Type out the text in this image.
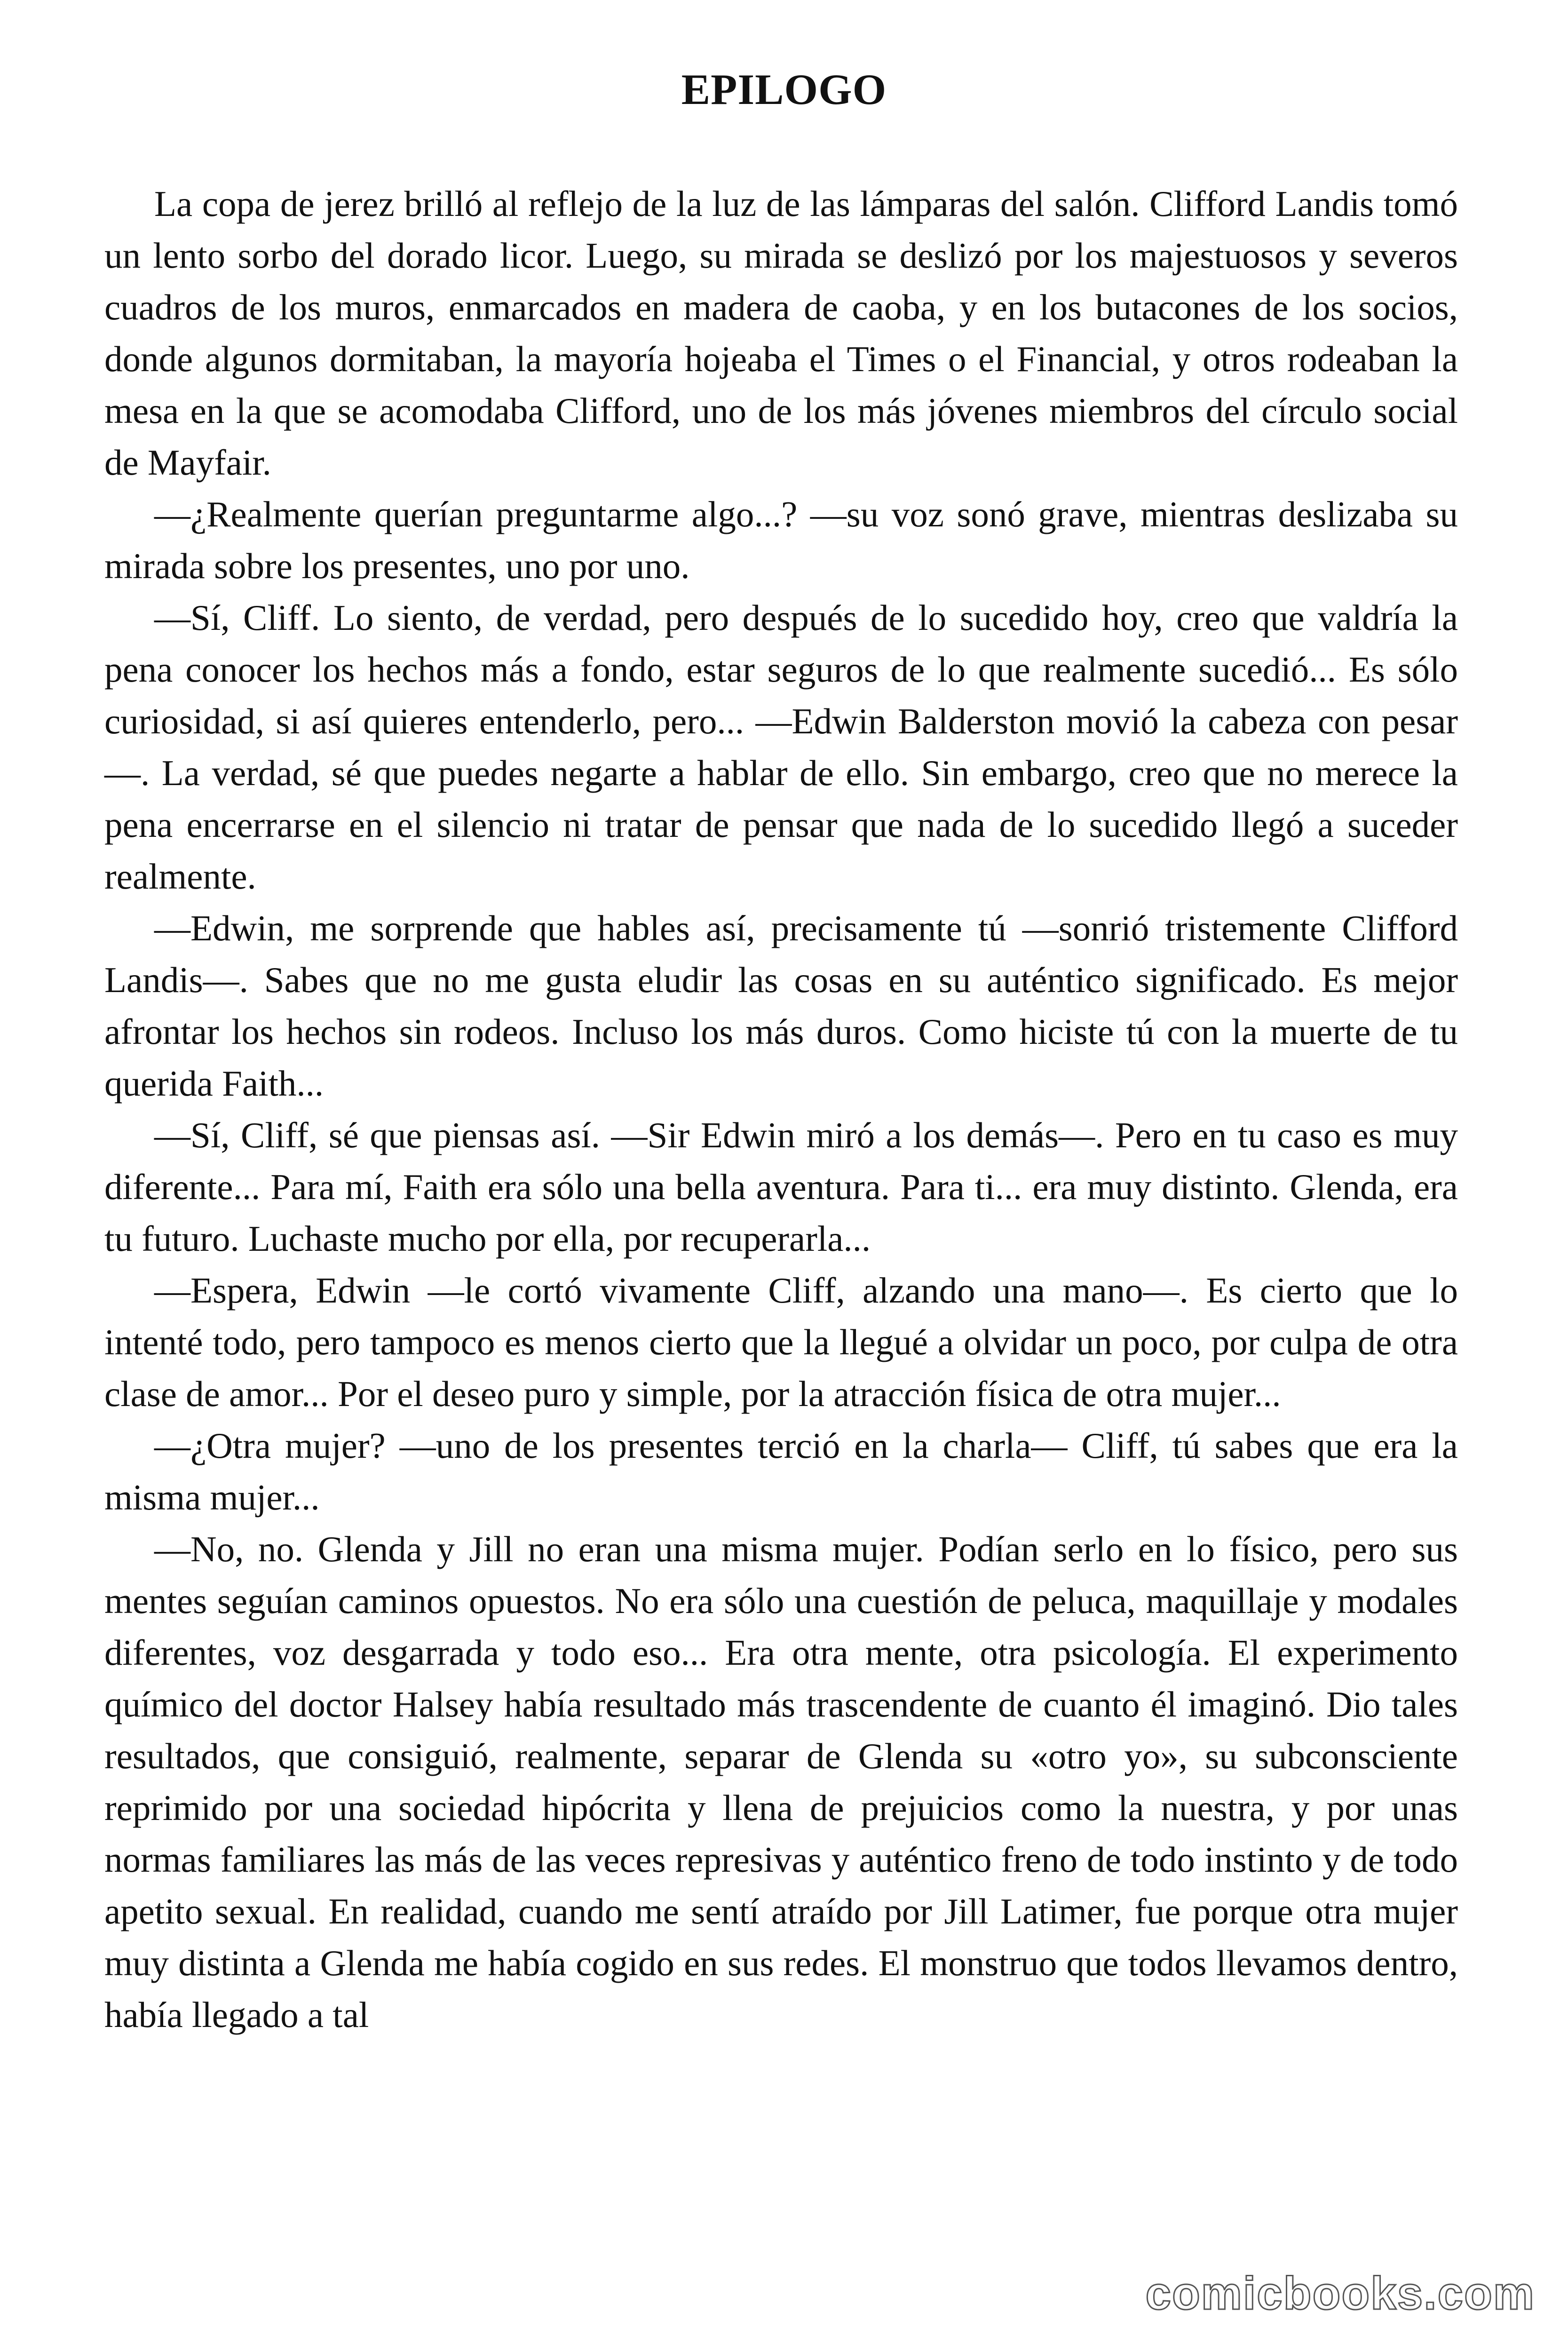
EPILOGO

La copa de jerez brilló al reflejo de la luz de las lámparas del salón. Clifford Landis tomó un lento sorbo del dorado licor. Luego, su mirada se deslizó por los majestuosos y severos cuadros de los muros, enmarcados en madera de caoba, y en los butacones de los socios, donde algunos dormitaban, la mayoría hojeaba el Times o el Financial, y otros rodeaban la mesa en la que se acomodaba Clifford, uno de los más jóvenes miembros del círculo social de Mayfair.

—¿Realmente querían preguntarme algo...? —su voz sonó grave, mientras deslizaba su mirada sobre los presentes, uno por uno.

—Sí, Cliff. Lo siento, de verdad, pero después de lo sucedido hoy, creo que valdría la pena conocer los hechos más a fondo, estar seguros de lo que realmente sucedió... Es sólo curiosidad, si así quieres entenderlo, pero... —Edwin Balderston movió la cabeza con pesar—. La verdad, sé que puedes negarte a hablar de ello. Sin embargo, creo que no merece la pena encerrarse en el silencio ni tratar de pensar que nada de lo sucedido llegó a suceder realmente.

—Edwin, me sorprende que hables así, precisamente tú —sonrió tristemente Clifford Landis—. Sabes que no me gusta eludir las cosas en su auténtico significado. Es mejor afrontar los hechos sin rodeos. Incluso los más duros. Como hiciste tú con la muerte de tu querida Faith...

—Sí, Cliff, sé que piensas así. —Sir Edwin miró a los demás—. Pero en tu caso es muy diferente... Para mí, Faith era sólo una bella aventura. Para ti... era muy distinto. Glenda, era tu futuro. Luchaste mucho por ella, por recuperarla...

—Espera, Edwin —le cortó vivamente Cliff, alzando una mano—. Es cierto que lo intenté todo, pero tampoco es menos cierto que la llegué a olvidar un poco, por culpa de otra clase de amor... Por el deseo puro y simple, por la atracción física de otra mujer...

—¿Otra mujer? —uno de los presentes terció en la charla— Cliff, tú sabes que era la misma mujer...

—No, no. Glenda y Jill no eran una misma mujer. Podían serlo en lo físico, pero sus mentes seguían caminos opuestos. No era sólo una cuestión de peluca, maquillaje y modales diferentes, voz desgarrada y todo eso... Era otra mente, otra psicología. El experimento químico del doctor Halsey había resultado más trascendente de cuanto él imaginó. Dio tales resultados, que consiguió, realmente, separar de Glenda su «otro yo», su subconsciente reprimido por una sociedad hipócrita y llena de prejuicios como la nuestra, y por unas normas familiares las más de las veces represivas y auténtico freno de todo instinto y de todo apetito sexual. En realidad, cuando me sentí atraído por Jill Latimer, fue porque otra mujer muy distinta a Glenda me había cogido en sus redes. El monstruo que todos llevamos dentro, había llegado a tal

comicbooks.com
